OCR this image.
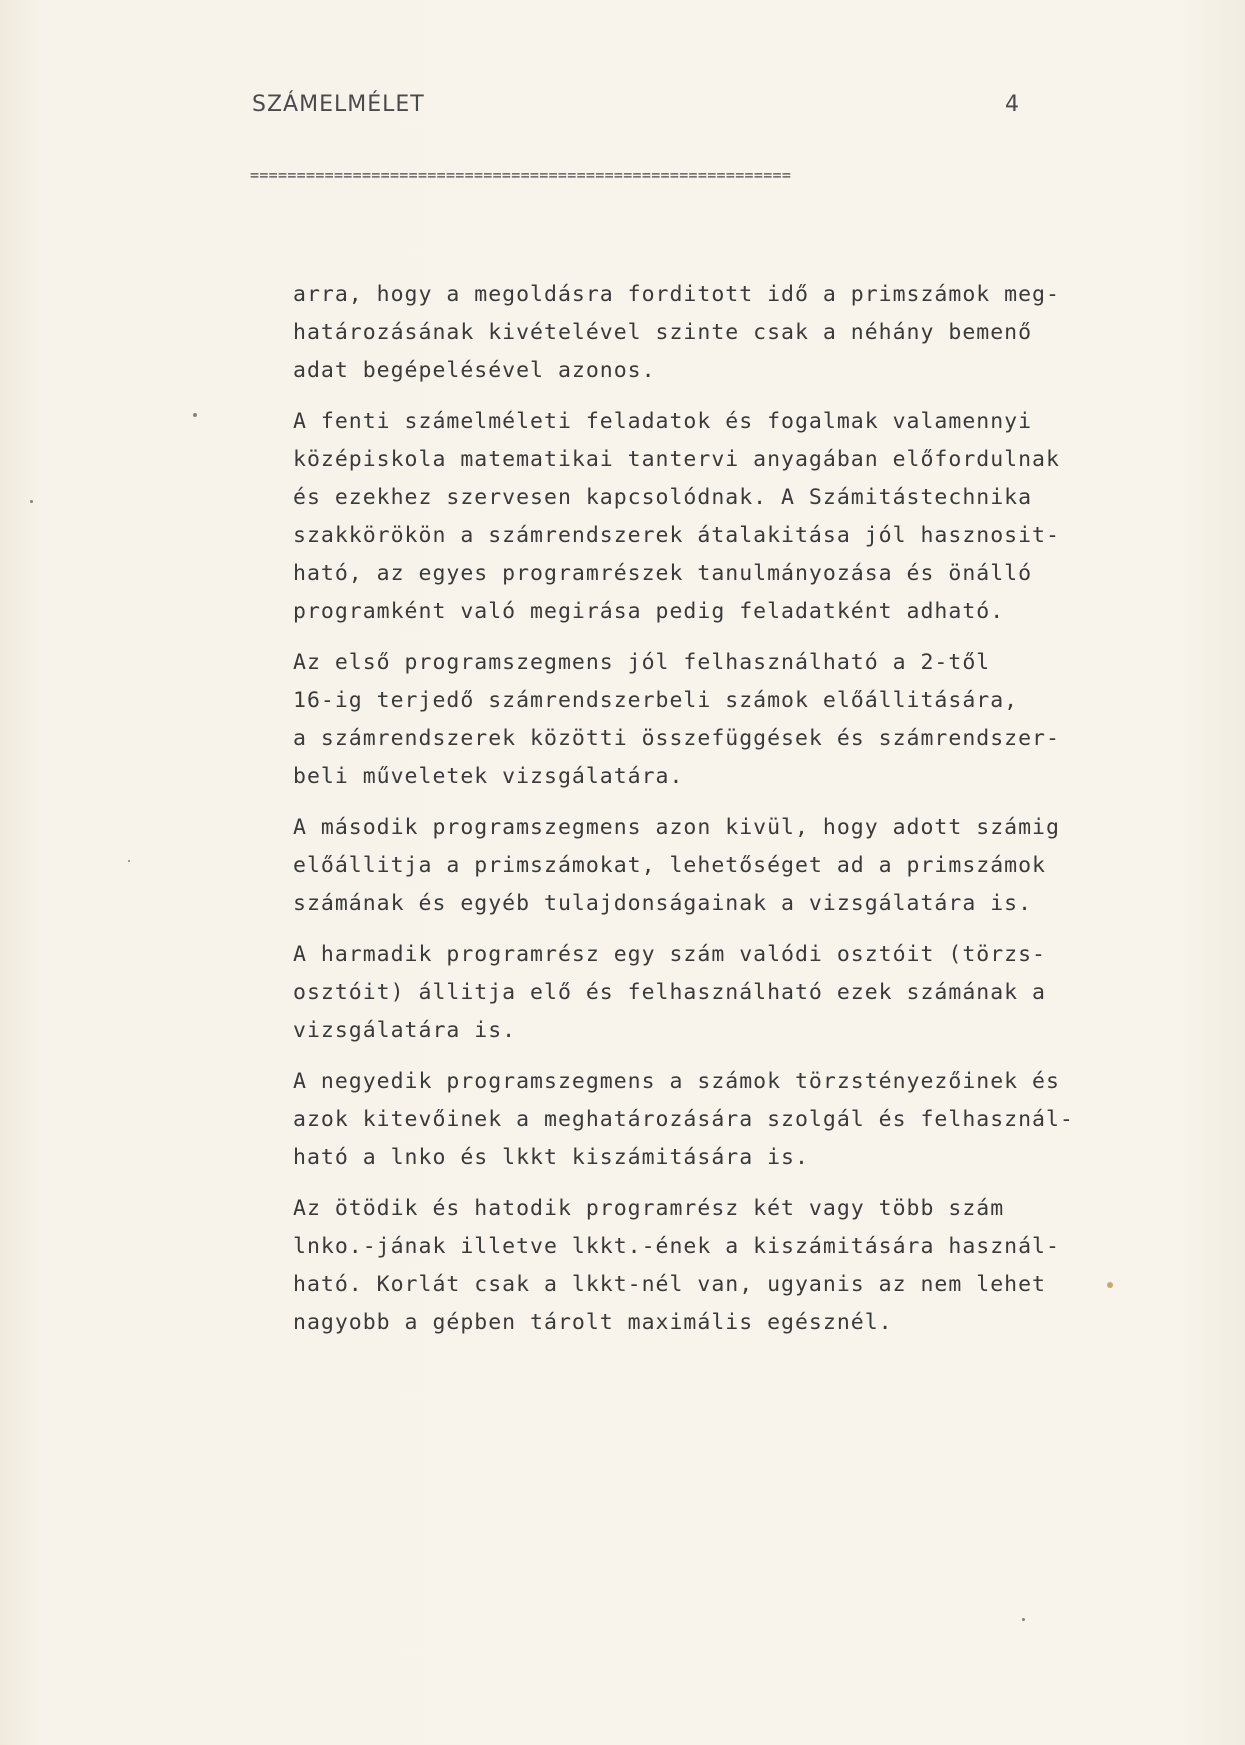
SZÁMELMÉLET	4
==========================================================
arra, hogy a megoldásra forditott idő a primszámok meg-
határozásának kivételével szinte csak a néhány bemenő
adat begépelésével azonos.
A fenti számelméleti feladatok és fogalmak valamennyi
középiskola matematikai tantervi anyagában előfordulnak
és ezekhez szervesen kapcsolódnak. A Számitástechnika
szakkörökön a számrendszerek átalakitása jól hasznosit-
ható, az egyes programrészek tanulmányozása és önálló
programként való megirása pedig feladatként adható.
Az első programszegmens jól felhasználható a 2-től
16-ig terjedő számrendszerbeli számok előállitására,
a számrendszerek közötti összefüggések és számrendszer-
beli műveletek vizsgálatára.
A második programszegmens azon kivül, hogy adott számig
előállitja a primszámokat, lehetőséget ad a primszámok
számának és egyéb tulajdonságainak a vizsgálatára is.
A harmadik programrész egy szám valódi osztóit (törzs-
osztóit) állitja elő és felhasználható ezek számának a
vizsgálatára is.
A negyedik programszegmens a számok törzstényezőinek és
azok kitevőinek a meghatározására szolgál és felhasznál-
ható a lnko és lkkt kiszámitására is.
Az ötödik és hatodik programrész két vagy több szám
lnko.-jának illetve lkkt.-ének a kiszámitására használ-
ható. Korlát csak a lkkt-nél van, ugyanis az nem lehet
nagyobb a gépben tárolt maximális egésznél.
